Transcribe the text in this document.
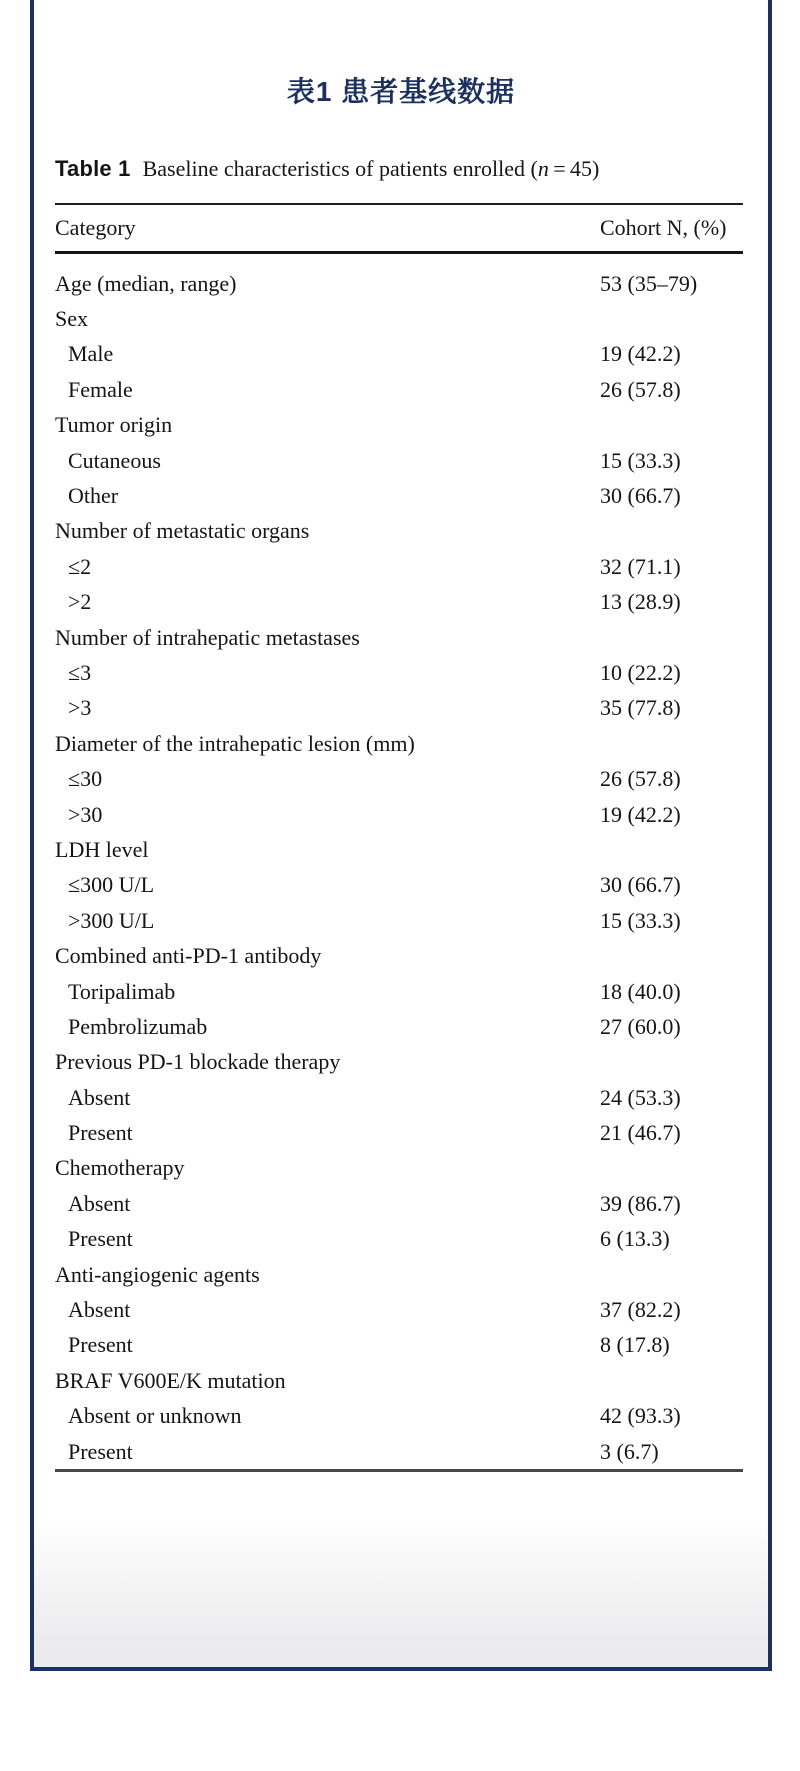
表1 患者基线数据
Table 1 Baseline characteristics of patients enrolled (n = 45)
Category	Cohort N, (%)
Age (median, range)	53 (35–79)
Sex
Male	19 (42.2)
Female	26 (57.8)
Tumor origin
Cutaneous	15 (33.3)
Other	30 (66.7)
Number of metastatic organs
≤2	32 (71.1)
>2	13 (28.9)
Number of intrahepatic metastases
≤3	10 (22.2)
>3	35 (77.8)
Diameter of the intrahepatic lesion (mm)
≤30	26 (57.8)
>30	19 (42.2)
LDH level
≤300 U/L	30 (66.7)
>300 U/L	15 (33.3)
Combined anti-PD-1 antibody
Toripalimab	18 (40.0)
Pembrolizumab	27 (60.0)
Previous PD-1 blockade therapy
Absent	24 (53.3)
Present	21 (46.7)
Chemotherapy
Absent	39 (86.7)
Present	6 (13.3)
Anti-angiogenic agents
Absent	37 (82.2)
Present	8 (17.8)
BRAF V600E/K mutation
Absent or unknown	42 (93.3)
Present	3 (6.7)
